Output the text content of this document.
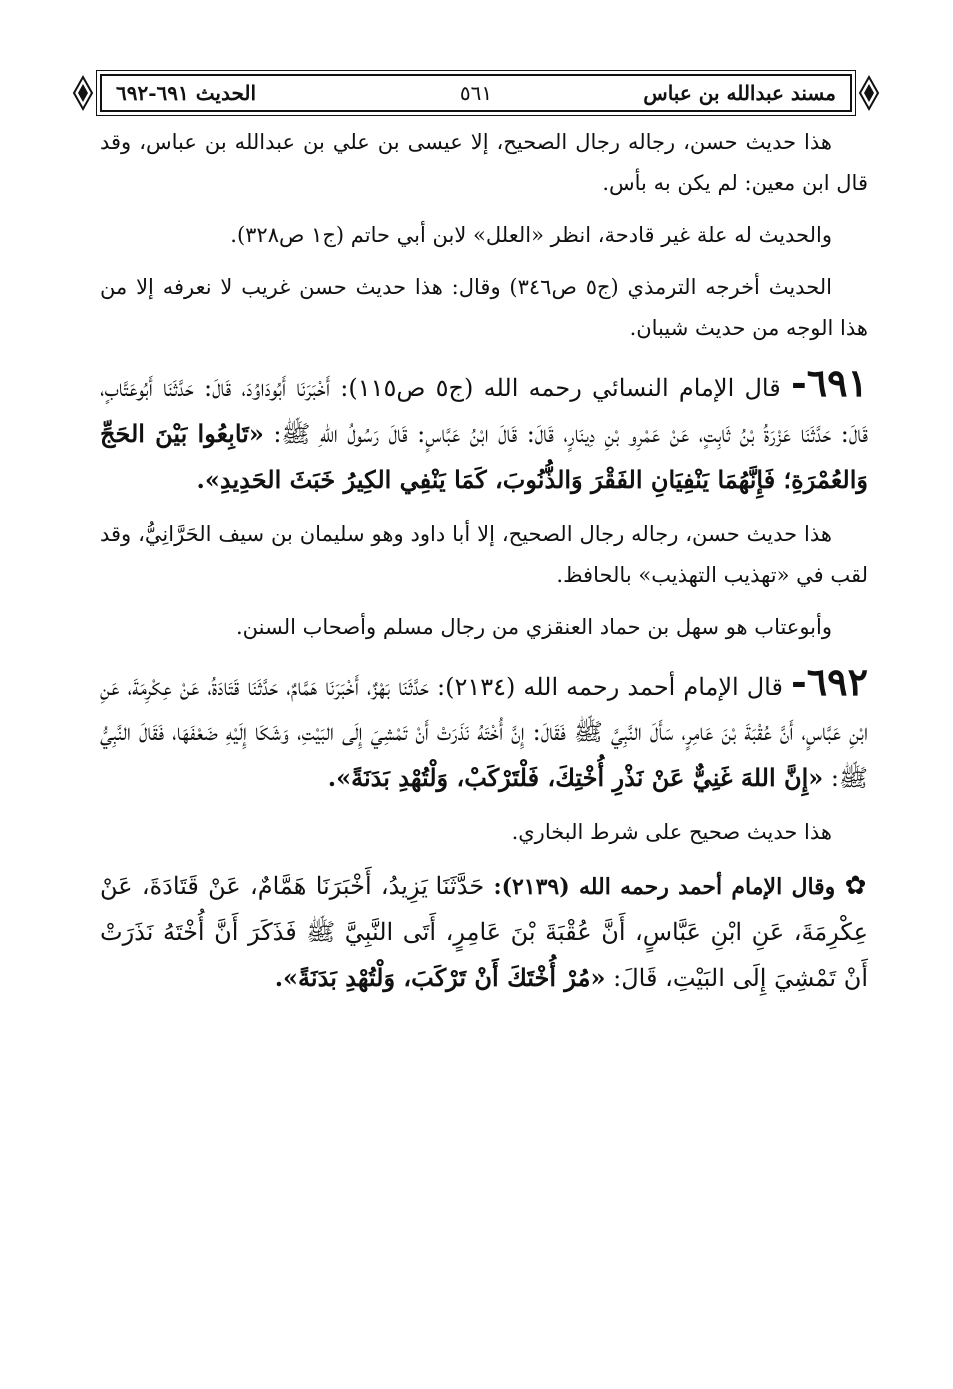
مسند عبدالله بن عباس
٥٦١
الحديث ٦٩١-٦٩٢

هذا حديث حسن، رجاله رجال الصحيح، إلا عيسى بن علي بن عبدالله بن عباس، وقد قال ابن معين: لم يكن به بأس.

والحديث له علة غير قادحة، انظر «العلل» لابن أبي حاتم (ج١ ص٣٢٨).

الحديث أخرجه الترمذي (ج٥ ص٣٤٦) وقال: هذا حديث حسن غريب لا نعرفه إلا من هذا الوجه من حديث شيبان.

٦٩١- قال الإمام النسائي رحمه الله (ج٥ ص١١٥): أَخْبَرَنَا أَبُودَاوُدَ، قَالَ: حَدَّثَنَا أَبُوعَتَّابٍ، قَالَ: حَدَّثَنَا عَزْرَةُ بْنُ ثَابِتٍ، عَنْ عَمْرِو بْنِ دِينَارٍ، قَالَ: قَالَ ابْنُ عَبَّاسٍ: قَالَ رَسُولُ اللهِ ﷺ: «تَابِعُوا بَيْنَ الحَجِّ وَالعُمْرَةِ؛ فَإِنَّهُمَا يَنْفِيَانِ الفَقْرَ وَالذُّنُوبَ، كَمَا يَنْفِي الكِيرُ خَبَثَ الحَدِيدِ».

هذا حديث حسن، رجاله رجال الصحيح، إلا أبا داود وهو سليمان بن سيف الحَرَّانِيُّ، وقد لقب في «تهذيب التهذيب» بالحافظ.

وأبوعتاب هو سهل بن حماد العنقزي من رجال مسلم وأصحاب السنن.

٦٩٢- قال الإمام أحمد رحمه الله (٢١٣٤): حَدَّثَنَا بَهْزٌ، أَخْبَرَنَا هَمَّامٌ، حَدَّثَنَا قَتَادَةُ، عَنْ عِكْرِمَةَ، عَنِ ابْنِ عَبَّاسٍ، أَنَّ عُقْبَةَ بْنَ عَامِرٍ، سَأَلَ النَّبِيَّ ﷺ فَقَالَ: إِنَّ أُخْتَهُ نَذَرَتْ أَنْ تَمْشِيَ إِلَى البَيْتِ، وَشَكَا إِلَيْهِ ضَعْفَهَا، فَقَالَ النَّبِيُّ ﷺ: «إِنَّ اللهَ غَنِيٌّ عَنْ نَذْرِ أُخْتِكَ، فَلْتَرْكَبْ، وَلْتُهْدِ بَدَنَةً».

هذا حديث صحيح على شرط البخاري.

✿ وقال الإمام أحمد رحمه الله (٢١٣٩): حَدَّثَنَا يَزِيدُ، أَخْبَرَنَا هَمَّامٌ، عَنْ قَتَادَةَ، عَنْ عِكْرِمَةَ، عَنِ ابْنِ عَبَّاسٍ، أَنَّ عُقْبَةَ بْنَ عَامِرٍ، أَتَى النَّبِيَّ ﷺ فَذَكَرَ أَنَّ أُخْتَهُ نَذَرَتْ أَنْ تَمْشِيَ إِلَى البَيْتِ، قَالَ: «مُرْ أُخْتَكَ أَنْ تَرْكَبَ، وَلْتُهْدِ بَدَنَةً».
